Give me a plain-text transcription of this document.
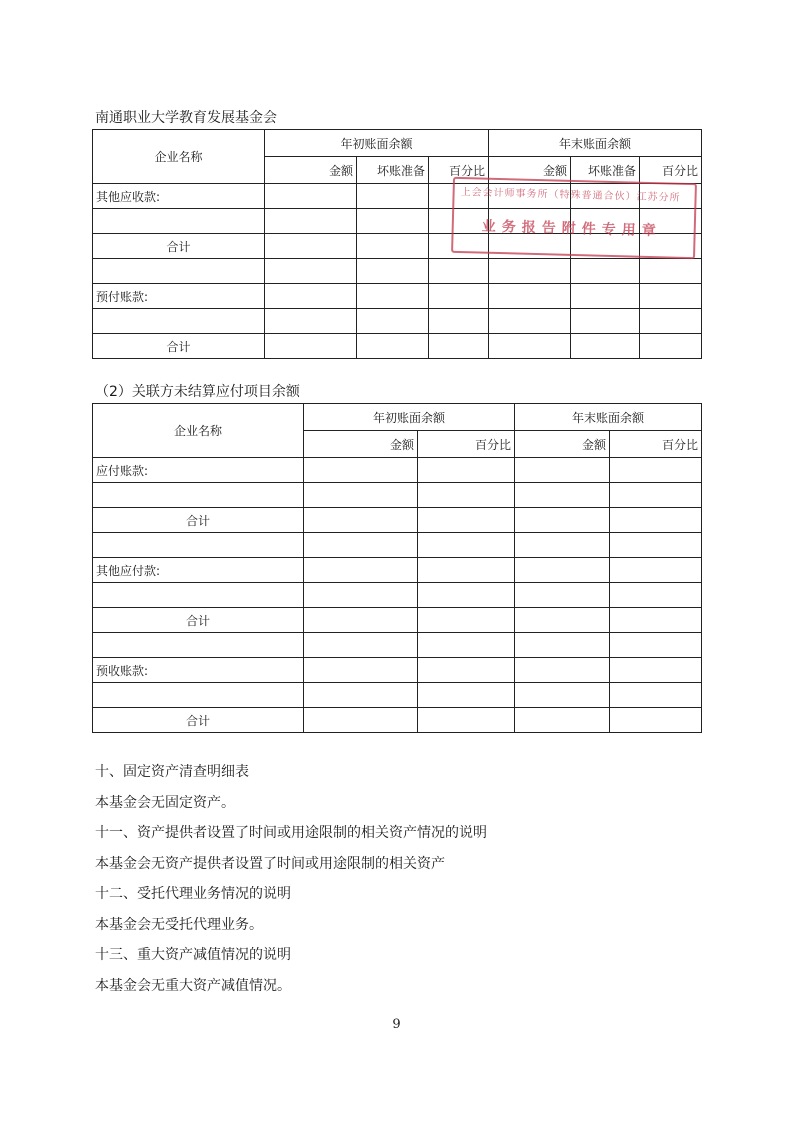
南通职业大学教育发展基金会
企业名称	年初账面余额			年末账面余额		
	金额	坏账准备	百分比	金额	坏账准备	百分比
其他应收款:						

合计						

预付账款:						

合计						
上会会计师事务所（特殊普通合伙）江苏分所
业务报告附件专用章
（2）关联方未结算应付项目余额
企业名称	年初账面余额		年末账面余额	
	金额	百分比	金额	百分比
应付账款:				

合计				

其他应付款:				

合计				

预收账款:				

合计				
十、固定资产清查明细表
本基金会无固定资产。
十一、资产提供者设置了时间或用途限制的相关资产情况的说明
本基金会无资产提供者设置了时间或用途限制的相关资产
十二、受托代理业务情况的说明
本基金会无受托代理业务。
十三、重大资产减值情况的说明
本基金会无重大资产减值情况。
9
